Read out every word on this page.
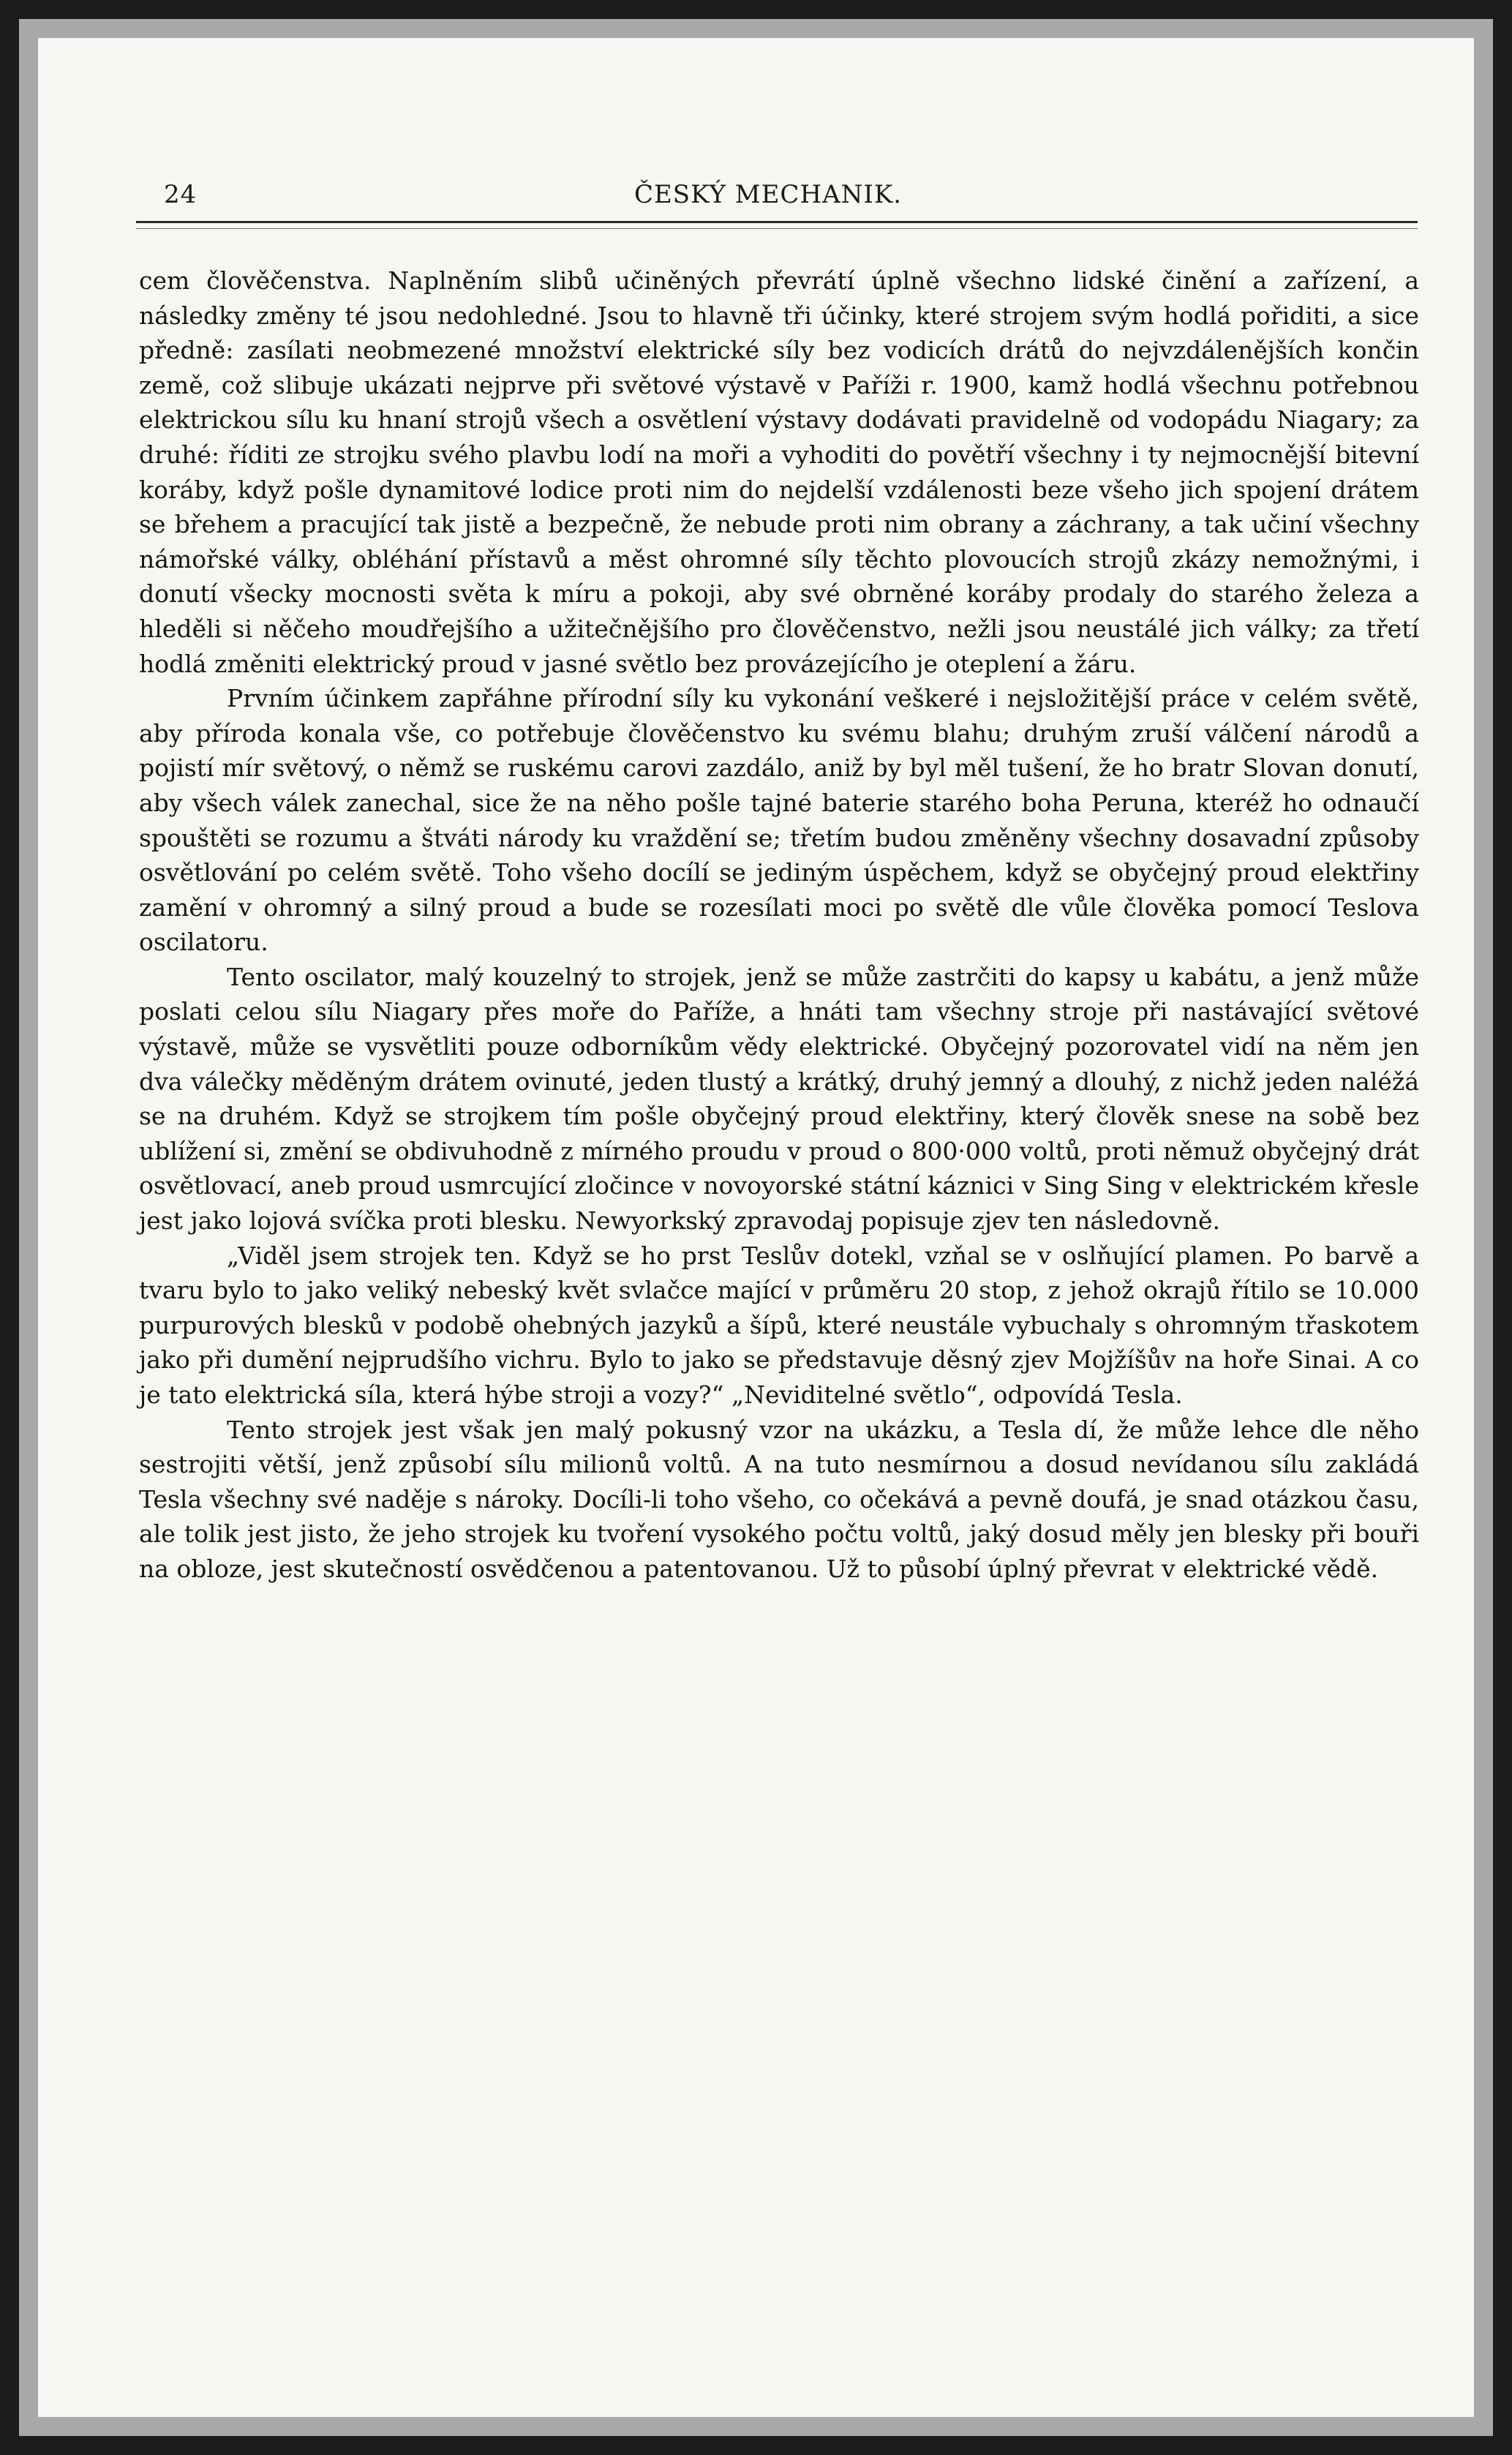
24	ČESKÝ MECHANIK.

cem člověčenstva. Naplněním slibů učiněných převrátí úplně všechno lidské činění a zařízení, a následky změny té jsou nedohledné. Jsou to hlavně tři účinky, které strojem svým hodlá pořiditi, a sice předně: zasílati neobmezené množství elektrické síly bez vodicích drátů do nejvzdálenějších končin země, což slibuje ukázati nejprve při světové výstavě v Paříži r. 1900, kamž hodlá všechnu potřebnou elektrickou sílu ku hnaní strojů všech a osvětlení výstavy dodávati pravidelně od vodopádu Niagary; za druhé: říditi ze strojku svého plavbu lodí na moři a vyhoditi do povětří všechny i ty nejmocnější bitevní koráby, když pošle dynamitové lodice proti nim do nejdelší vzdálenosti beze všeho jich spojení drátem se břehem a pracující tak jistě a bezpečně, že nebude proti nim obrany a záchrany, a tak učiní všechny námořské války, obléhání přístavů a měst ohromné síly těchto plovoucích strojů zkázy nemožnými, i donutí všecky mocnosti světa k míru a pokoji, aby své obrněné koráby prodaly do starého železa a hleděli si něčeho moudřejšího a užitečnějšího pro člověčenstvo, nežli jsou neustálé jich války; za třetí hodlá změniti elektrický proud v jasné světlo bez provázejícího je oteplení a žáru.

Prvním účinkem zapřáhne přírodní síly ku vykonání veškeré i nejsložitější práce v celém světě, aby příroda konala vše, co potřebuje člověčenstvo ku svému blahu; druhým zruší válčení národů a pojistí mír světový, o němž se ruskému carovi zazdálo, aniž by byl měl tušení, že ho bratr Slovan donutí, aby všech válek zanechal, sice že na něho pošle tajné baterie starého boha Peruna, kteréž ho odnaučí spouštěti se rozumu a štváti národy ku vraždění se; třetím budou změněny všechny dosavadní způsoby osvětlování po celém světě. Toho všeho docílí se jediným úspěchem, když se obyčejný proud elektřiny zamění v ohromný a silný proud a bude se rozesílati moci po světě dle vůle člověka pomocí Teslova oscilatoru.

Tento oscilator, malý kouzelný to strojek, jenž se může zastrčiti do kapsy u kabátu, a jenž může poslati celou sílu Niagary přes moře do Paříže, a hnáti tam všechny stroje při nastávající světové výstavě, může se vysvětliti pouze odborníkům vědy elektrické. Obyčejný pozorovatel vidí na něm jen dva válečky měděným drátem ovinuté, jeden tlustý a krátký, druhý jemný a dlouhý, z nichž jeden naléžá se na druhém. Když se strojkem tím pošle obyčejný proud elektřiny, který člověk snese na sobě bez ublížení si, změní se obdivuhodně z mírného proudu v proud o 800·000 voltů, proti němuž obyčejný drát osvětlovací, aneb proud usmrcující zločince v novoyorské státní káznici v Sing Sing v elektrickém křesle jest jako lojová svíčka proti blesku. Newyorkský zpravodaj popisuje zjev ten následovně.

„Viděl jsem strojek ten. Když se ho prst Teslův dotekl, vzňal se v oslňující plamen. Po barvě a tvaru bylo to jako veliký nebeský květ svlačce mající v průměru 20 stop, z jehož okrajů řítilo se 10.000 purpurových blesků v podobě ohebných jazyků a šípů, které neustále vybuchaly s ohromným třaskotem jako při dumění nejprudšího vichru. Bylo to jako se představuje děsný zjev Mojžíšův na hoře Sinai. A co je tato elektrická síla, která hýbe stroji a vozy?“ „Neviditelné světlo“, odpovídá Tesla.

Tento strojek jest však jen malý pokusný vzor na ukázku, a Tesla dí, že může lehce dle něho sestrojiti větší, jenž způsobí sílu milionů voltů. A na tuto nesmírnou a dosud nevídanou sílu zakládá Tesla všechny své naděje s nároky. Docíli-li toho všeho, co očekává a pevně doufá, je snad otázkou času, ale tolik jest jisto, že jeho strojek ku tvoření vysokého počtu voltů, jaký dosud měly jen blesky při bouři na obloze, jest skutečností osvědčenou a patentovanou. Už to působí úplný převrat v elektrické vědě.
